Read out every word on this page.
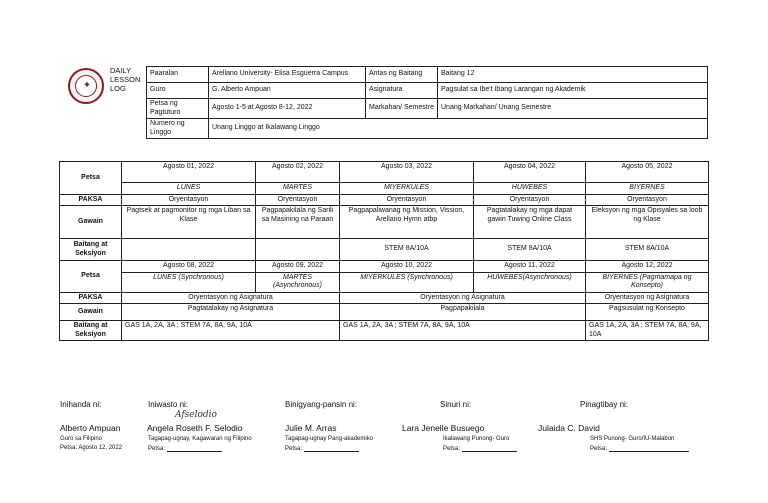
✦
DAILY
LESSON
LOG
Paaralan	Arellano University- Elisa Esguerra Campus	Antas ng Baitang	Baitang 12
Guro	G. Alberto Ampuan	Asignatura	Pagsulat sa Ibe't Ibang Larangan ng Akademik
Petsa ng Pagtuturo	Agosto 1-5 at Agosto 8-12, 2022	Markahan/ Semestre	Unang Markahan/ Unang Semestre
Numero ng Linggo	Unang Linggo at Ikalawang Linggo		
Petsa	Agosto 01, 2022	Agosto 02, 2022	Agosto 03, 2022	Agosto 04, 2022	Agosto 05, 2022
	LUNES	MARTES	MIYERKULES	HUWEBES	BIYERNES
PAKSA	Oryentasyon	Oryentasyon	Oryentasyon	Oryentasyon	Oryentasyon
Gawain	Pagtsek at pagmonitor ng mga Liban sa Klase	Pagpapakilala ng Sarili sa Masining na Paraan	Pagpapaliwanag ng Mission, Vission, Arellano Hymn atbp	Pagtatalakay ng mga dapat gawin Tuwing Online Class	Eleksyon ng mga Opisyales sa loob ng Klase
Baitang at Seksiyon			STEM 8A/10A	STEM 8A/10A	STEM 8A/10A
Petsa	Agosto 08, 2022	Agosto 09, 2022	Agosto 10, 2022	Agosto 11, 2022	Agosto 12, 2022
	LUNES (Synchronous)	MARTES (Asynchronous)	MIYERKULES (Synchronous)	HUWEBES(Asynchronous)	BIYERNES (Pagmamapa ng Konsepto)
PAKSA	Oryentasyon ng Asignatura		Oryentasyon ng Asignatura		Oryentasyon ng Asignatura
Gawain	Pagtatalakay ng Asignatura		Pagpapakilala		Pagsusulat ng Konsepto
Baitang at Seksiyon	GAS 1A, 2A, 3A ; STEM 7A, 8A, 9A, 10A		GAS 1A, 2A, 3A ; STEM 7A, 8A, 9A, 10A		GAS 1A, 2A, 3A ; STEM 7A, 8A, 9A, 10A
Inihanda ni:	Iniwasto ni:	Binigyang-pansin ni:	Sinuri ni:	Pinagtibay ni:
Afselodio
Alberto Ampuan	Angela Roseth F. Selodio	Julie M. Arras	Lara Jenelle Busuego	Julaida C. David
Guro sa Filipino	Tagapag-ugnay, Kagawaran ng Filipino	Tagapag-ugnay Pang-akademiko	Ikalawang Punong- Guro	SHS Punong- Guro/IU-Malabon
Petsa: Agosto 12, 2022	Petsa:	Petsa:	Petsa:	Petsa:
